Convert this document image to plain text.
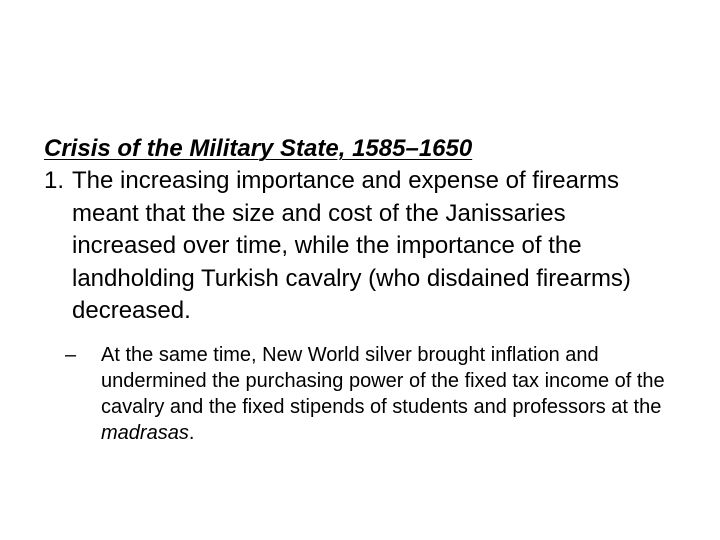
Crisis of the Military State, 1585–1650

1. The increasing importance and expense of firearms meant that the size and cost of the Janissaries increased over time, while the importance of the landholding Turkish cavalry (who disdained firearms) decreased.

–	At the same time, New World silver brought inflation and undermined the purchasing power of the fixed tax income of the cavalry and the fixed stipends of students and professors at the madrasas.
